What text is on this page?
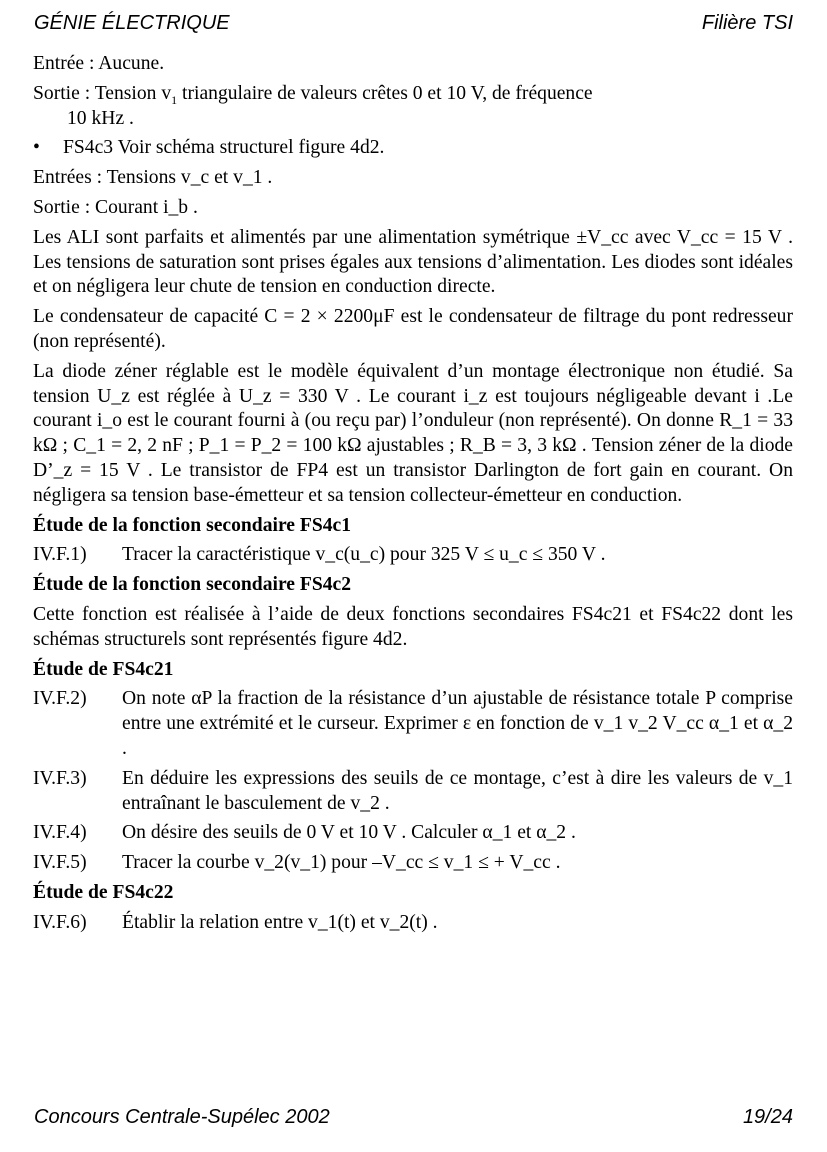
GÉNIE ÉLECTRIQUE	Filière TSI

Entrée : Aucune.

Sortie : Tension $v_1$ triangulaire de valeurs crêtes 0 et 10 V, de fréquence
10 kHz .

• FS4c3 Voir schéma structurel figure 4d2.

Entrées : Tensions v_c et v_1 .

Sortie : Courant i_b .

Les ALI sont parfaits et alimentés par une alimentation symétrique ±V_cc avec V_cc = 15 V . Les tensions de saturation sont prises égales aux tensions d’alimentation. Les diodes sont idéales et on négligera leur chute de tension en conduction directe.

Le condensateur de capacité C = 2 × 2200μF est le condensateur de filtrage du pont redresseur (non représenté).

La diode zéner réglable est le modèle équivalent d’un montage électronique non étudié. Sa tension U_z est réglée à U_z = 330 V . Le courant i_z est toujours négligeable devant i .Le courant i_o est le courant fourni à (ou reçu par) l’onduleur (non représenté). On donne R_1 = 33 kΩ ; C_1 = 2, 2 nF ; P_1 = P_2 = 100 kΩ ajustables ; R_B = 3, 3 kΩ . Tension zéner de la diode D’_z = 15 V . Le transistor de FP4 est un transistor Darlington de fort gain en courant. On négligera sa tension base-émetteur et sa tension collecteur-émetteur en conduction.

Étude de la fonction secondaire FS4c1

IV.F.1)	Tracer la caractéristique v_c(u_c) pour 325 V ≤ u_c ≤ 350 V .

Étude de la fonction secondaire FS4c2

Cette fonction est réalisée à l’aide de deux fonctions secondaires FS4c21 et FS4c22 dont les schémas structurels sont représentés figure 4d2.

Étude de FS4c21

IV.F.2)	On note αP la fraction de la résistance d’un ajustable de résistance totale P comprise entre une extrémité et le curseur. Exprimer ε en fonction de v_1 v_2 V_cc α_1 et α_2 .
IV.F.3)	En déduire les expressions des seuils de ce montage, c’est à dire les valeurs de v_1 entraînant le basculement de v_2 .
IV.F.4)	On désire des seuils de 0 V et 10 V . Calculer α_1 et α_2 .
IV.F.5)	Tracer la courbe v_2(v_1) pour –V_cc ≤ v_1 ≤ + V_cc .

Étude de FS4c22

IV.F.6)	Établir la relation entre v_1(t) et v_2(t) .
Concours Centrale-Supélec 2002	19/24
